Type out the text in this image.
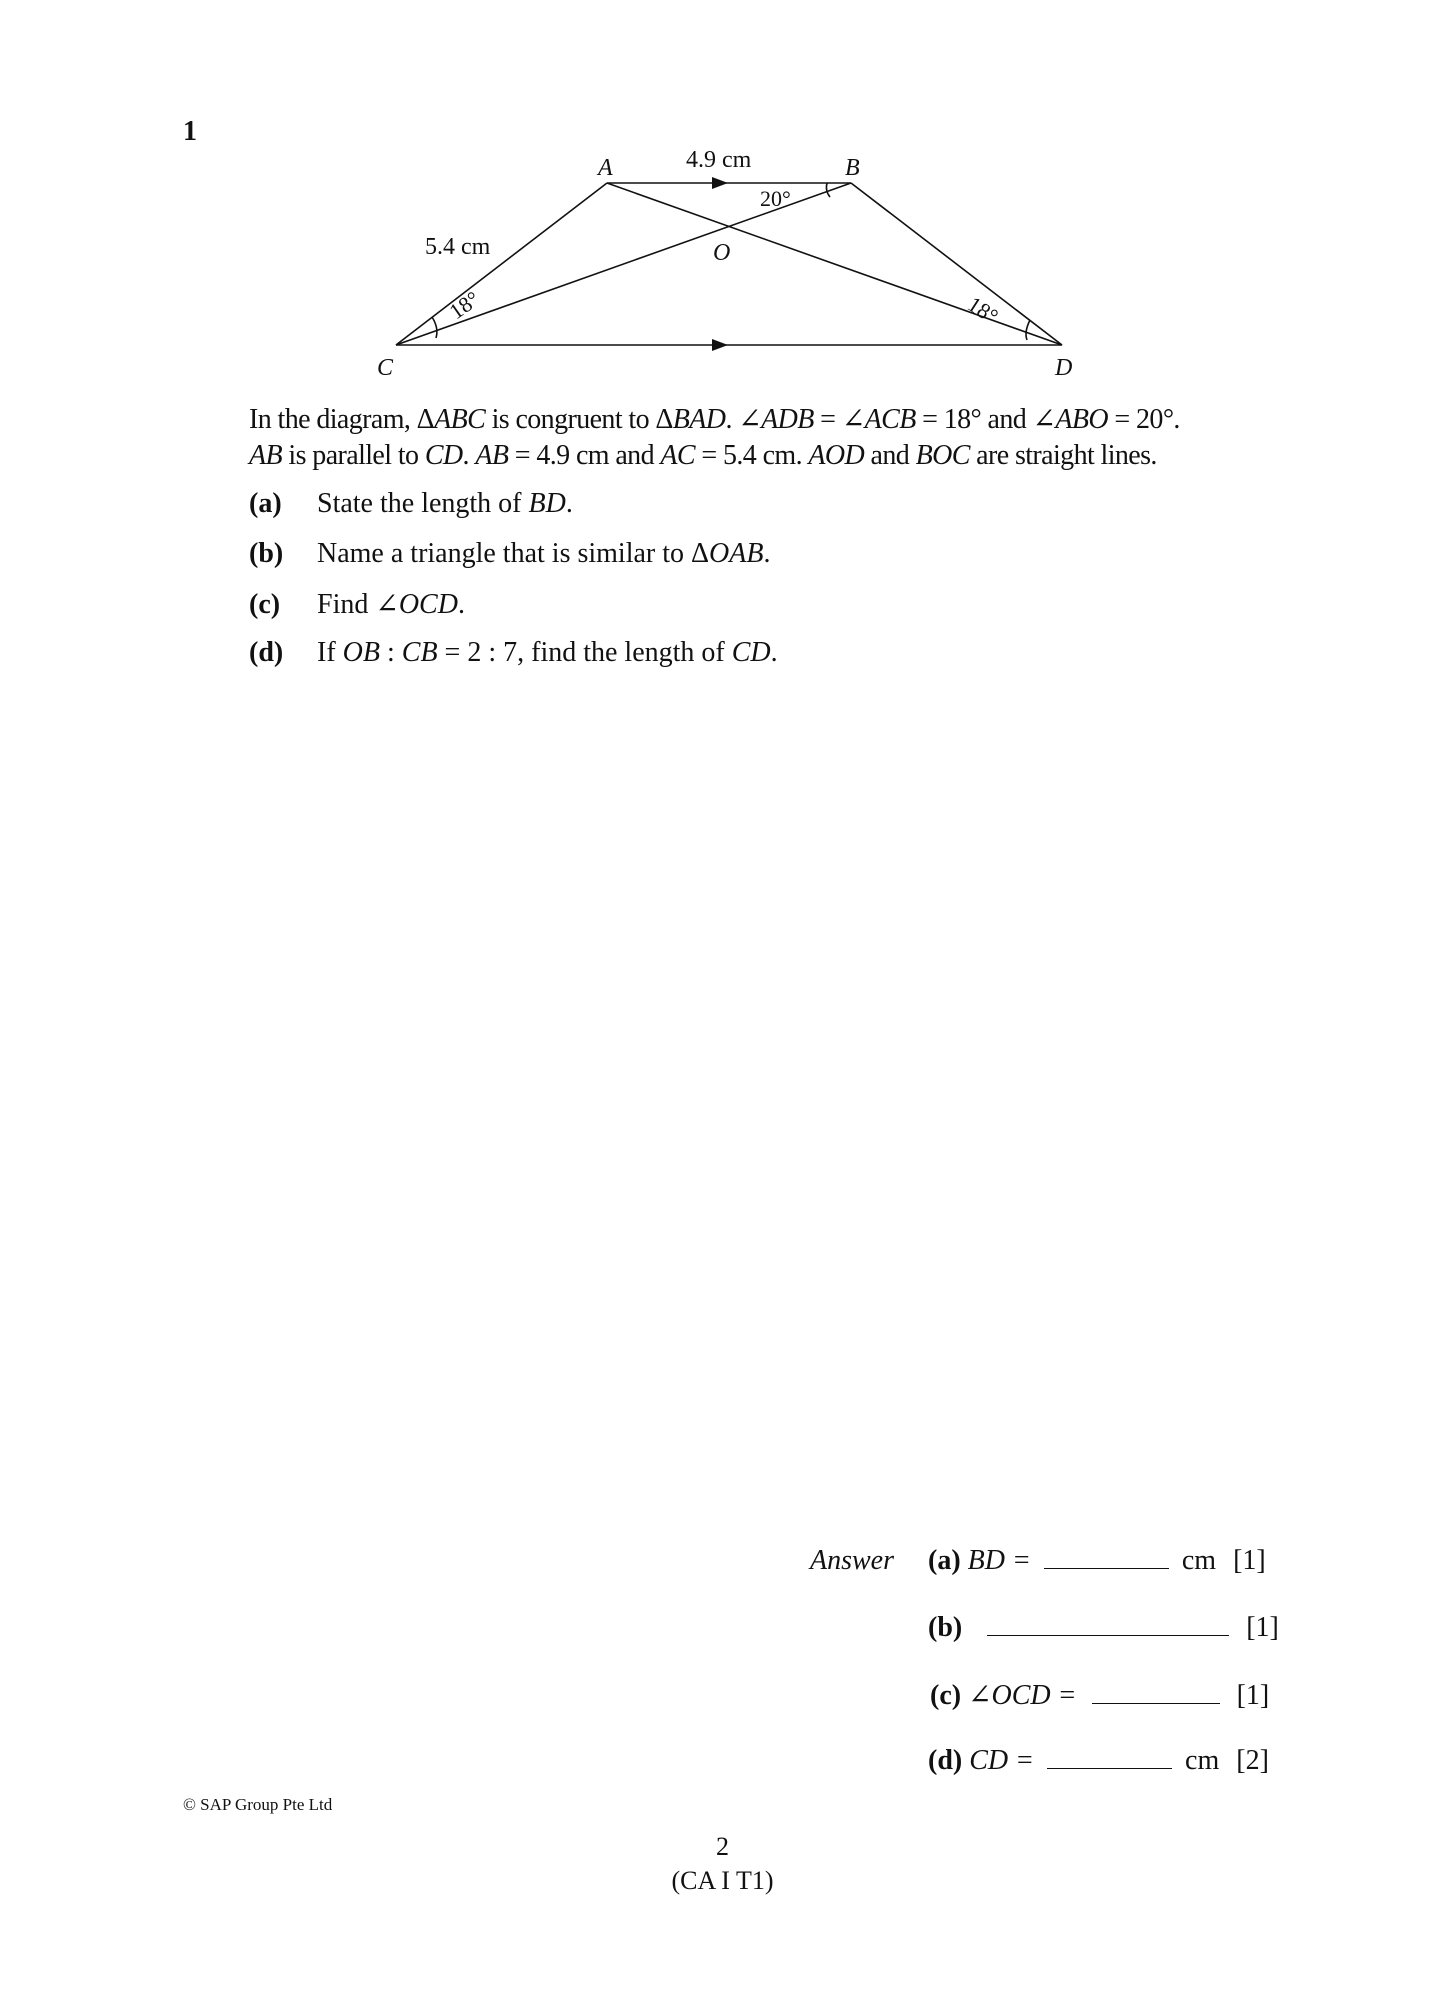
1
A	B
C	D
O
4.9 cm
5.4 cm
20°
18°	18°
In the diagram, ΔABC is congruent to ΔBAD. ∠ADB = ∠ACB = 18° and ∠ABO = 20°.
AB is parallel to CD. AB = 4.9 cm and AC = 5.4 cm. AOD and BOC are straight lines.
(a) State the length of BD.
(b) Name a triangle that is similar to ΔOAB.
(c) Find ∠OCD.
(d) If OB : CB = 2 : 7, find the length of CD.
Answer (a) BD =	cm [1]
(b)	[1]
(c) ∠OCD =	[1]
(d) CD =	cm [2]
© SAP Group Pte Ltd
2
(CA I T1)
